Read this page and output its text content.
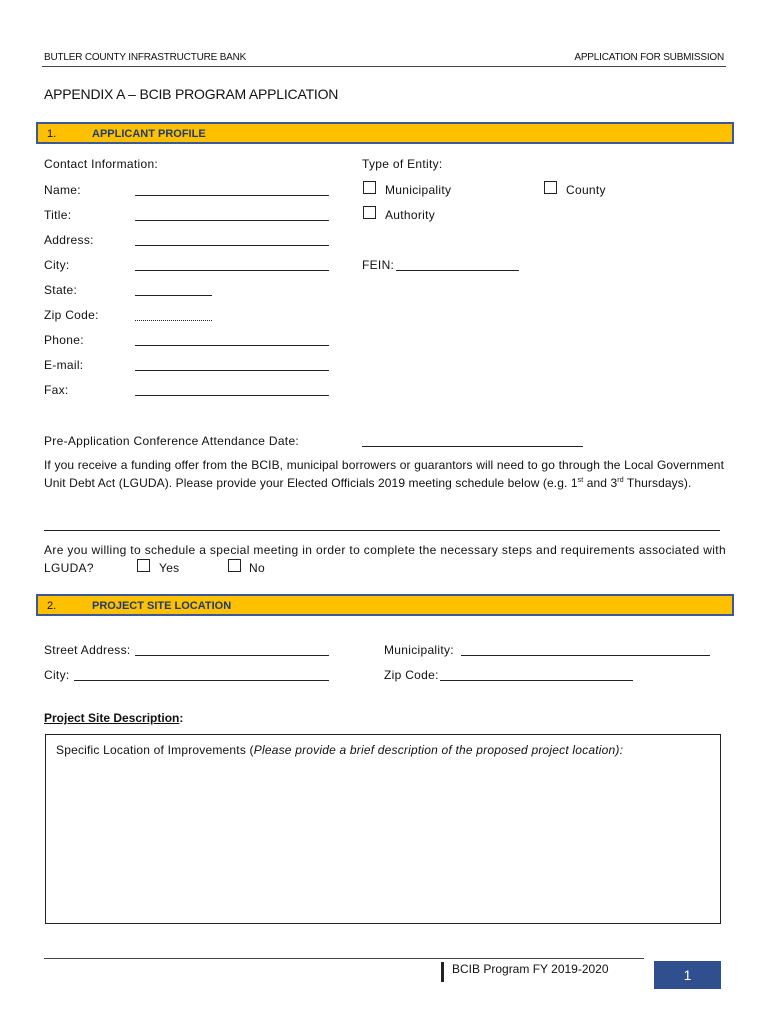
BUTLER COUNTY INFRASTRUCTURE BANK	APPLICATION FOR SUBMISSION
APPENDIX A – BCIB PROGRAM APPLICATION
1.	APPLICANT PROFILE
Contact Information:
Name:
Title:
Address:
City:
State:
Zip Code:
Phone:
E-mail:
Fax:
Type of Entity:
Municipality	County
Authority
FEIN:
Pre-Application Conference Attendance Date:
If you receive a funding offer from the BCIB, municipal borrowers or guarantors will need to go through the Local Government Unit Debt Act (LGUDA). Please provide your Elected Officials 2019 meeting schedule below (e.g. 1st and 3rd Thursdays).
Are you willing to schedule a special meeting in order to complete the necessary steps and requirements associated with
LGUDA?	Yes	No
2.	PROJECT SITE LOCATION
Street Address:	Municipality:
City:	Zip Code:
Project Site Description:
Specific Location of Improvements (Please provide a brief description of the proposed project location):
BCIB Program FY 2019-2020	1
